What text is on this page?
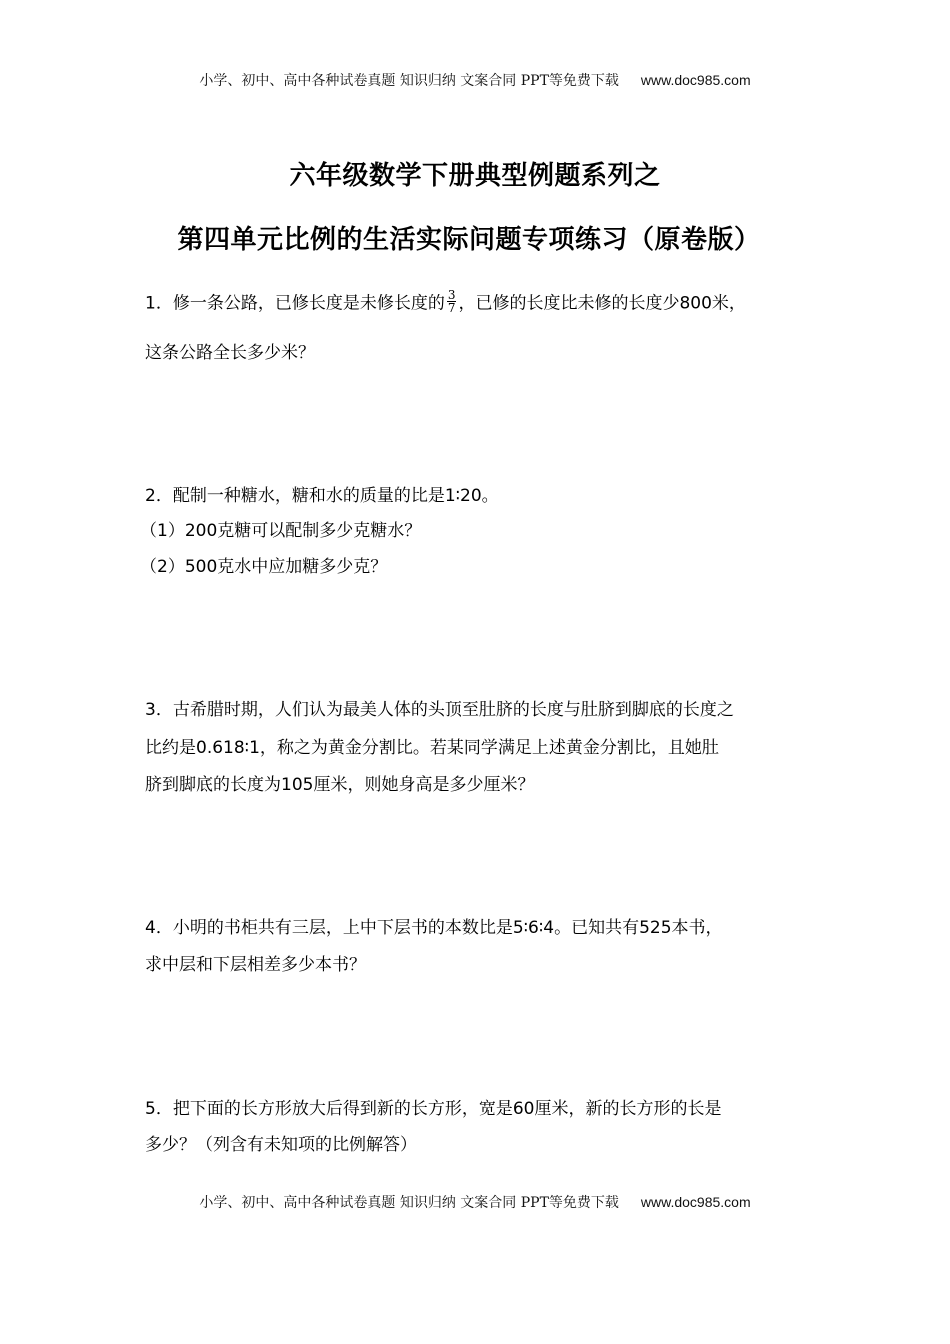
小学、初中、高中各种试卷真题 知识归纳 文案合同 PPT等免费下载 www.doc985.com
六年级数学下册典型例题系列之
第四单元比例的生活实际问题专项练习（原卷版）
1．修一条公路，已修长度是未修长度的 $\frac{3}{7}$ ，已修的长度比未修的长度少800米，
这条公路全长多少米？
2．配制一种糖水，糖和水的质量的比是1∶20。
（1）200克糖可以配制多少克糖水？
（2）500克水中应加糖多少克？
3．古希腊时期，人们认为最美人体的头顶至肚脐的长度与肚脐到脚底的长度之
比约是0.618∶1，称之为黄金分割比。若某同学满足上述黄金分割比，且她肚
脐到脚底的长度为105厘米，则她身高是多少厘米？
4．小明的书柜共有三层，上中下层书的本数比是5∶6∶4。已知共有525本书，
求中层和下层相差多少本书？
5．把下面的长方形放大后得到新的长方形，宽是60厘米，新的长方形的长是
多少？（列含有未知项的比例解答）
小学、初中、高中各种试卷真题 知识归纳 文案合同 PPT等免费下载 www.doc985.com
